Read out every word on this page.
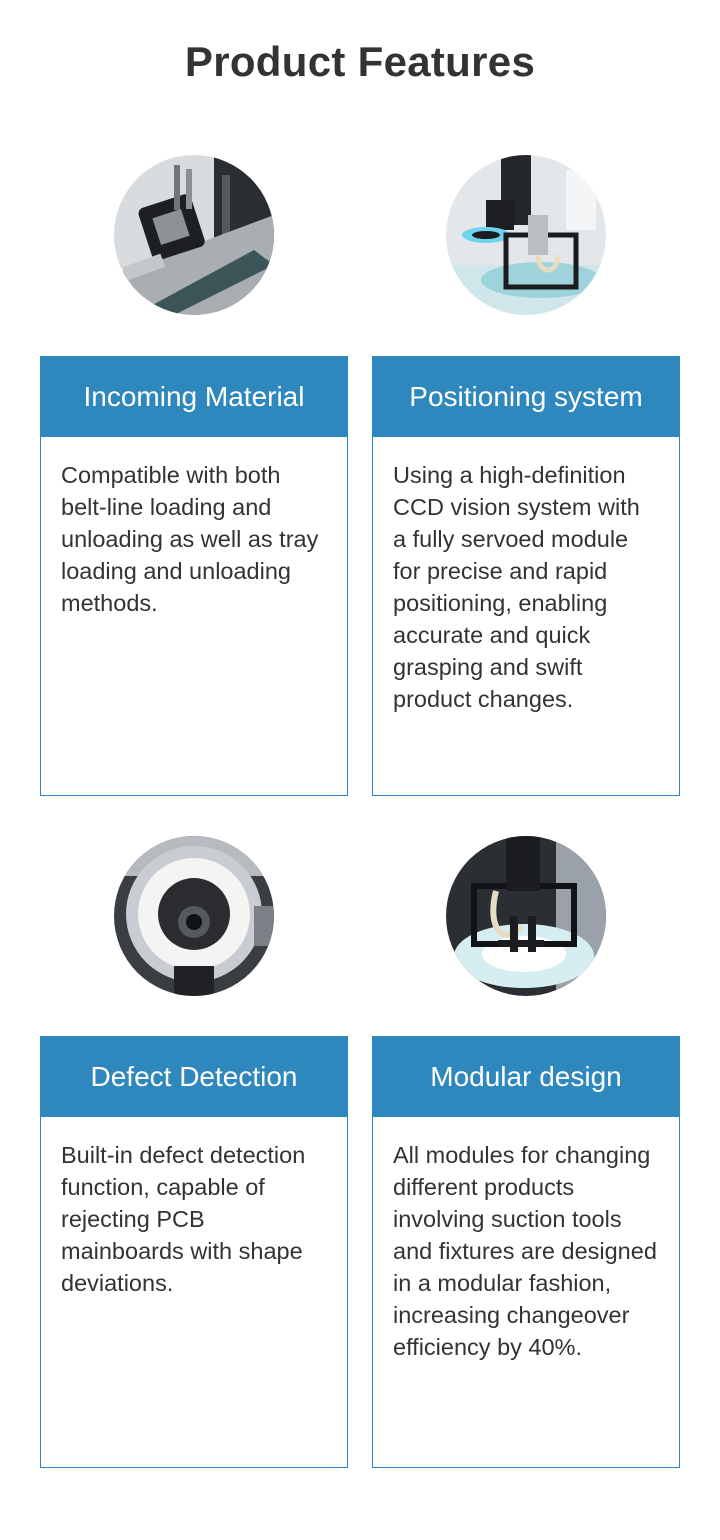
Product Features
Incoming Material
Compatible with both belt-line loading and unloading as well as tray loading and unloading methods.
Positioning system
Using a high-definition CCD vision system with a fully servoed module for precise and rapid positioning, enabling accurate and quick grasping and swift product changes.
Defect Detection
Built-in defect detection function, capable of rejecting PCB mainboards with shape deviations.
Modular design
All modules for changing different products involving suction tools and fixtures are designed in a modular fashion, increasing changeover efficiency by 40%.
